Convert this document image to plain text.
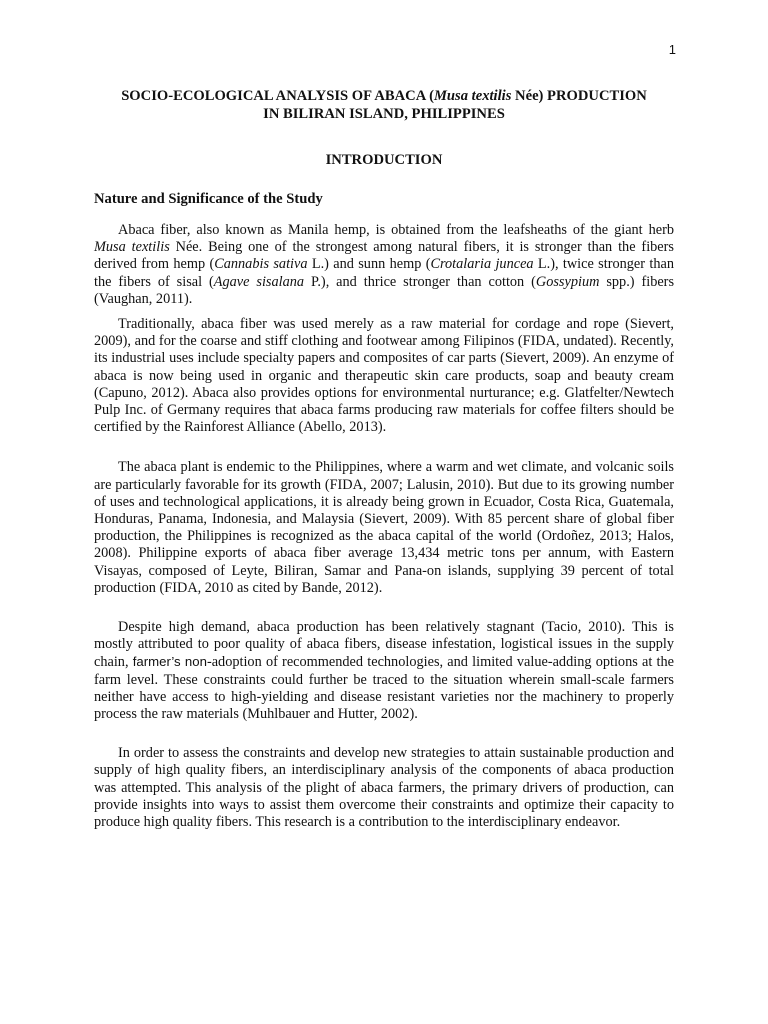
1
SOCIO-ECOLOGICAL ANALYSIS OF ABACA (Musa textilis Née) PRODUCTION
IN BILIRAN ISLAND, PHILIPPINES
INTRODUCTION
Nature and Significance of the Study

Abaca fiber, also known as Manila hemp, is obtained from the leafsheaths of the giant herb Musa textilis Née. Being one of the strongest among natural fibers, it is stronger than the fibers derived from hemp (Cannabis sativa L.) and sunn hemp (Crotalaria juncea L.), twice stronger than the fibers of sisal (Agave sisalana P.), and thrice stronger than cotton (Gossypium spp.) fibers (Vaughan, 2011).

Traditionally, abaca fiber was used merely as a raw material for cordage and rope (Sievert, 2009), and for the coarse and stiff clothing and footwear among Filipinos (FIDA, undated). Recently, its industrial uses include specialty papers and composites of car parts (Sievert, 2009). An enzyme of abaca is now being used in organic and therapeutic skin care products, soap and beauty cream (Capuno, 2012). Abaca also provides options for environmental nurturance; e.g. Glatfelter/Newtech Pulp Inc. of Germany requires that abaca farms producing raw materials for coffee filters should be certified by the Rainforest Alliance (Abello, 2013).

The abaca plant is endemic to the Philippines, where a warm and wet climate, and volcanic soils are particularly favorable for its growth (FIDA, 2007; Lalusin, 2010). But due to its growing number of uses and technological applications, it is already being grown in Ecuador, Costa Rica, Guatemala, Honduras, Panama, Indonesia, and Malaysia (Sievert, 2009). With 85 percent share of global fiber production, the Philippines is recognized as the abaca capital of the world (Ordoñez, 2013; Halos, 2008). Philippine exports of abaca fiber average 13,434 metric tons per annum, with Eastern Visayas, composed of Leyte, Biliran, Samar and Pana-on islands, supplying 39 percent of total production (FIDA, 2010 as cited by Bande, 2012).

Despite high demand, abaca production has been relatively stagnant (Tacio, 2010). This is mostly attributed to poor quality of abaca fibers, disease infestation, logistical issues in the supply chain, farmer’s non-adoption of recommended technologies, and limited value-adding options at the farm level. These constraints could further be traced to the situation wherein small-scale farmers neither have access to high-yielding and disease resistant varieties nor the machinery to properly process the raw materials (Muhlbauer and Hutter, 2002).

In order to assess the constraints and develop new strategies to attain sustainable production and supply of high quality fibers, an interdisciplinary analysis of the components of abaca production was attempted. This analysis of the plight of abaca farmers, the primary drivers of production, can provide insights into ways to assist them overcome their constraints and optimize their capacity to produce high quality fibers. This research is a contribution to the interdisciplinary endeavor.
